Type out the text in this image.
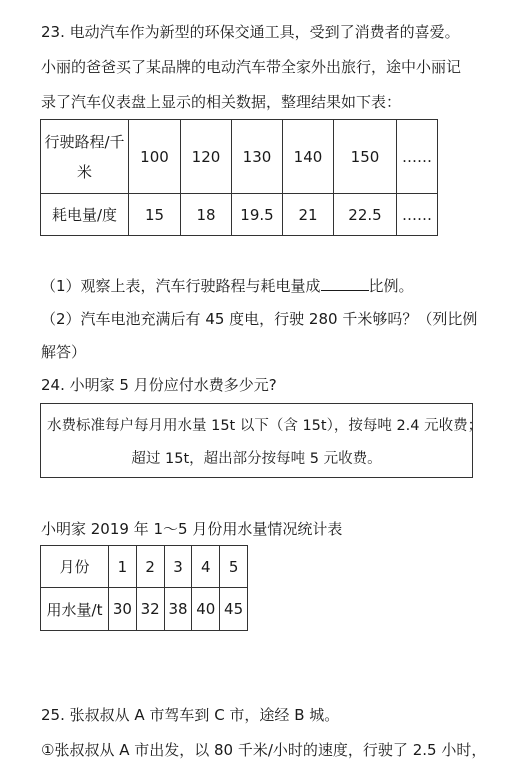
23. 电动汽车作为新型的环保交通工具，受到了消费者的喜爱。
小丽的爸爸买了某品牌的电动汽车带全家外出旅行，途中小丽记
录了汽车仪表盘上显示的相关数据，整理结果如下表：
行驶路程/千
米	100	120	130	140	150	……
耗电量/度	15	18	19.5	21	22.5	……
（1）观察上表，汽车行驶路程与耗电量成	比例。
（2）汽车电池充满后有 45 度电，行驶 280 千米够吗？（列比例
解答）
24. 小明家 5 月份应付水费多少元?
水费标准每户每月用水量 15t 以下（含 15t），按每吨 2.4 元收费；
超过 15t，超出部分按每吨 5 元收费。
小明家 2019 年 1～5 月份用水量情况统计表
月份	1	2	3	4	5
用水量/t	30	32	38	40	45
25. 张叔叔从 A 市驾车到 C 市，途经 B 城。
①张叔叔从 A 市出发，以 80 千米/小时的速度，行驶了 2.5 小时，
